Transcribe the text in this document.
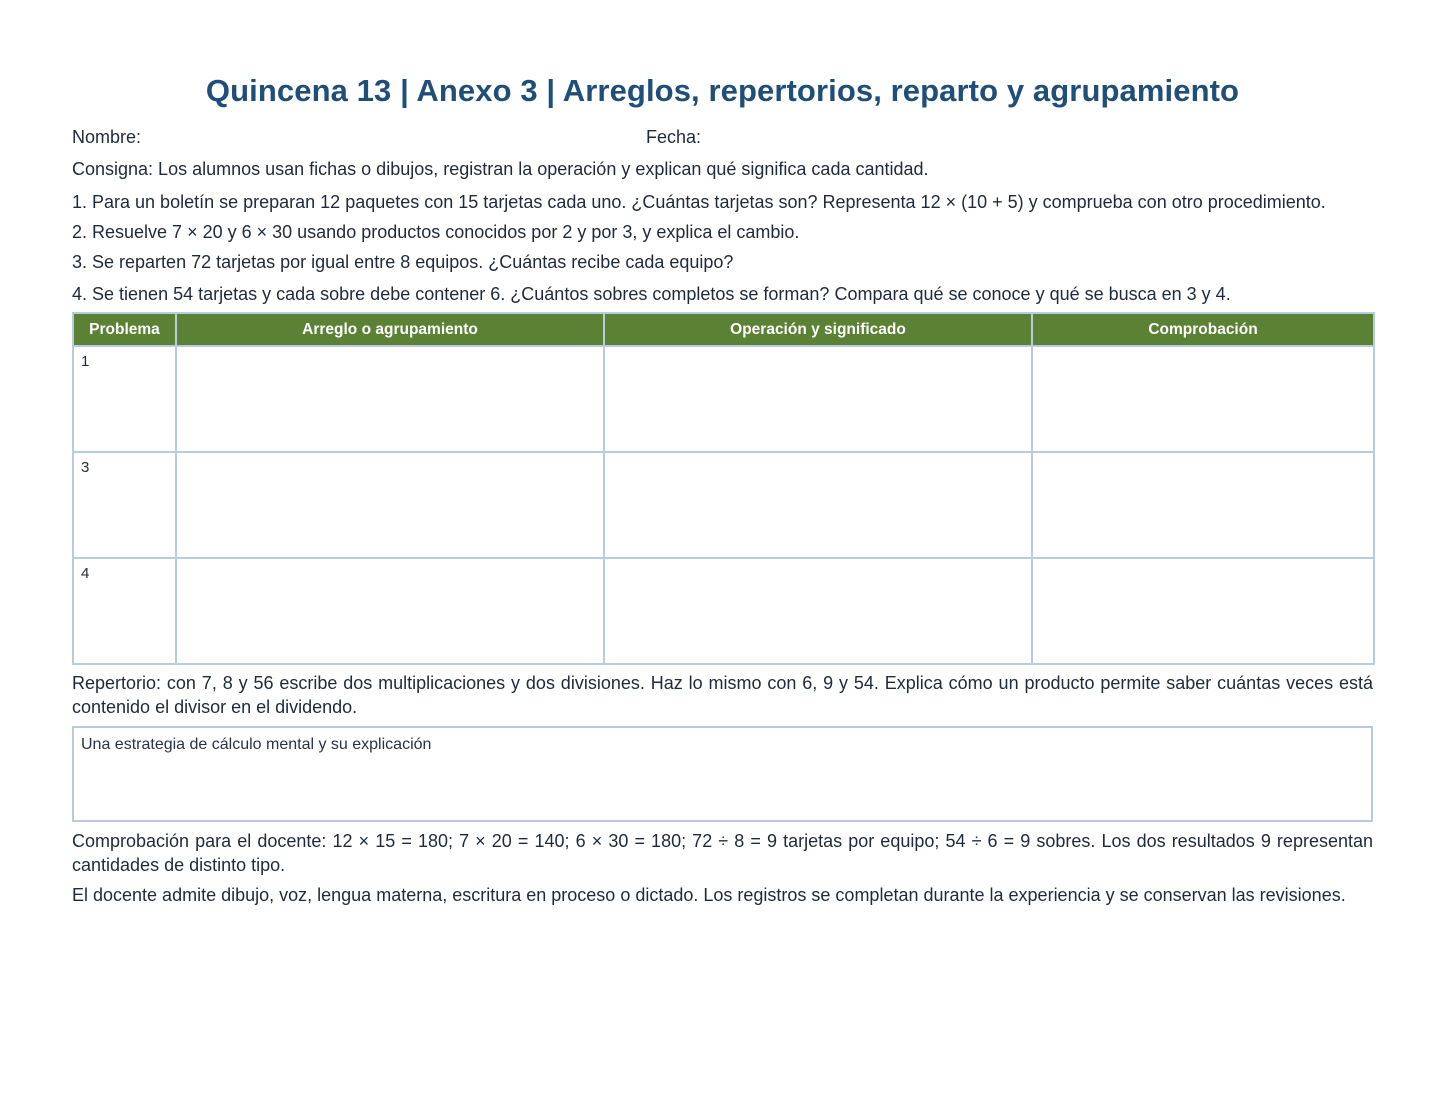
Quincena 13 | Anexo 3 | Arreglos, repertorios, reparto y agrupamiento
Nombre:	Fecha:

Consigna: Los alumnos usan fichas o dibujos, registran la operación y explican qué significa cada cantidad.

1. Para un boletín se preparan 12 paquetes con 15 tarjetas cada uno. ¿Cuántas tarjetas son? Representa 12 × (10 + 5) y comprueba con otro procedimiento.

2. Resuelve 7 × 20 y 6 × 30 usando productos conocidos por 2 y por 3, y explica el cambio.

3. Se reparten 72 tarjetas por igual entre 8 equipos. ¿Cuántas recibe cada equipo?

4. Se tienen 54 tarjetas y cada sobre debe contener 6. ¿Cuántos sobres completos se forman? Compara qué se conoce y qué se busca en 3 y 4.

Problema	Arreglo o agrupamiento	Operación y significado	Comprobación
1			
3			
4			

Repertorio: con 7, 8 y 56 escribe dos multiplicaciones y dos divisiones. Haz lo mismo con 6, 9 y 54. Explica cómo un producto permite saber cuántas veces está contenido el divisor en el dividendo.

Una estrategia de cálculo mental y su explicación

Comprobación para el docente: 12 × 15 = 180; 7 × 20 = 140; 6 × 30 = 180; 72 ÷ 8 = 9 tarjetas por equipo; 54 ÷ 6 = 9 sobres. Los dos resultados 9 representan cantidades de distinto tipo.

El docente admite dibujo, voz, lengua materna, escritura en proceso o dictado. Los registros se completan durante la experiencia y se conservan las revisiones.
